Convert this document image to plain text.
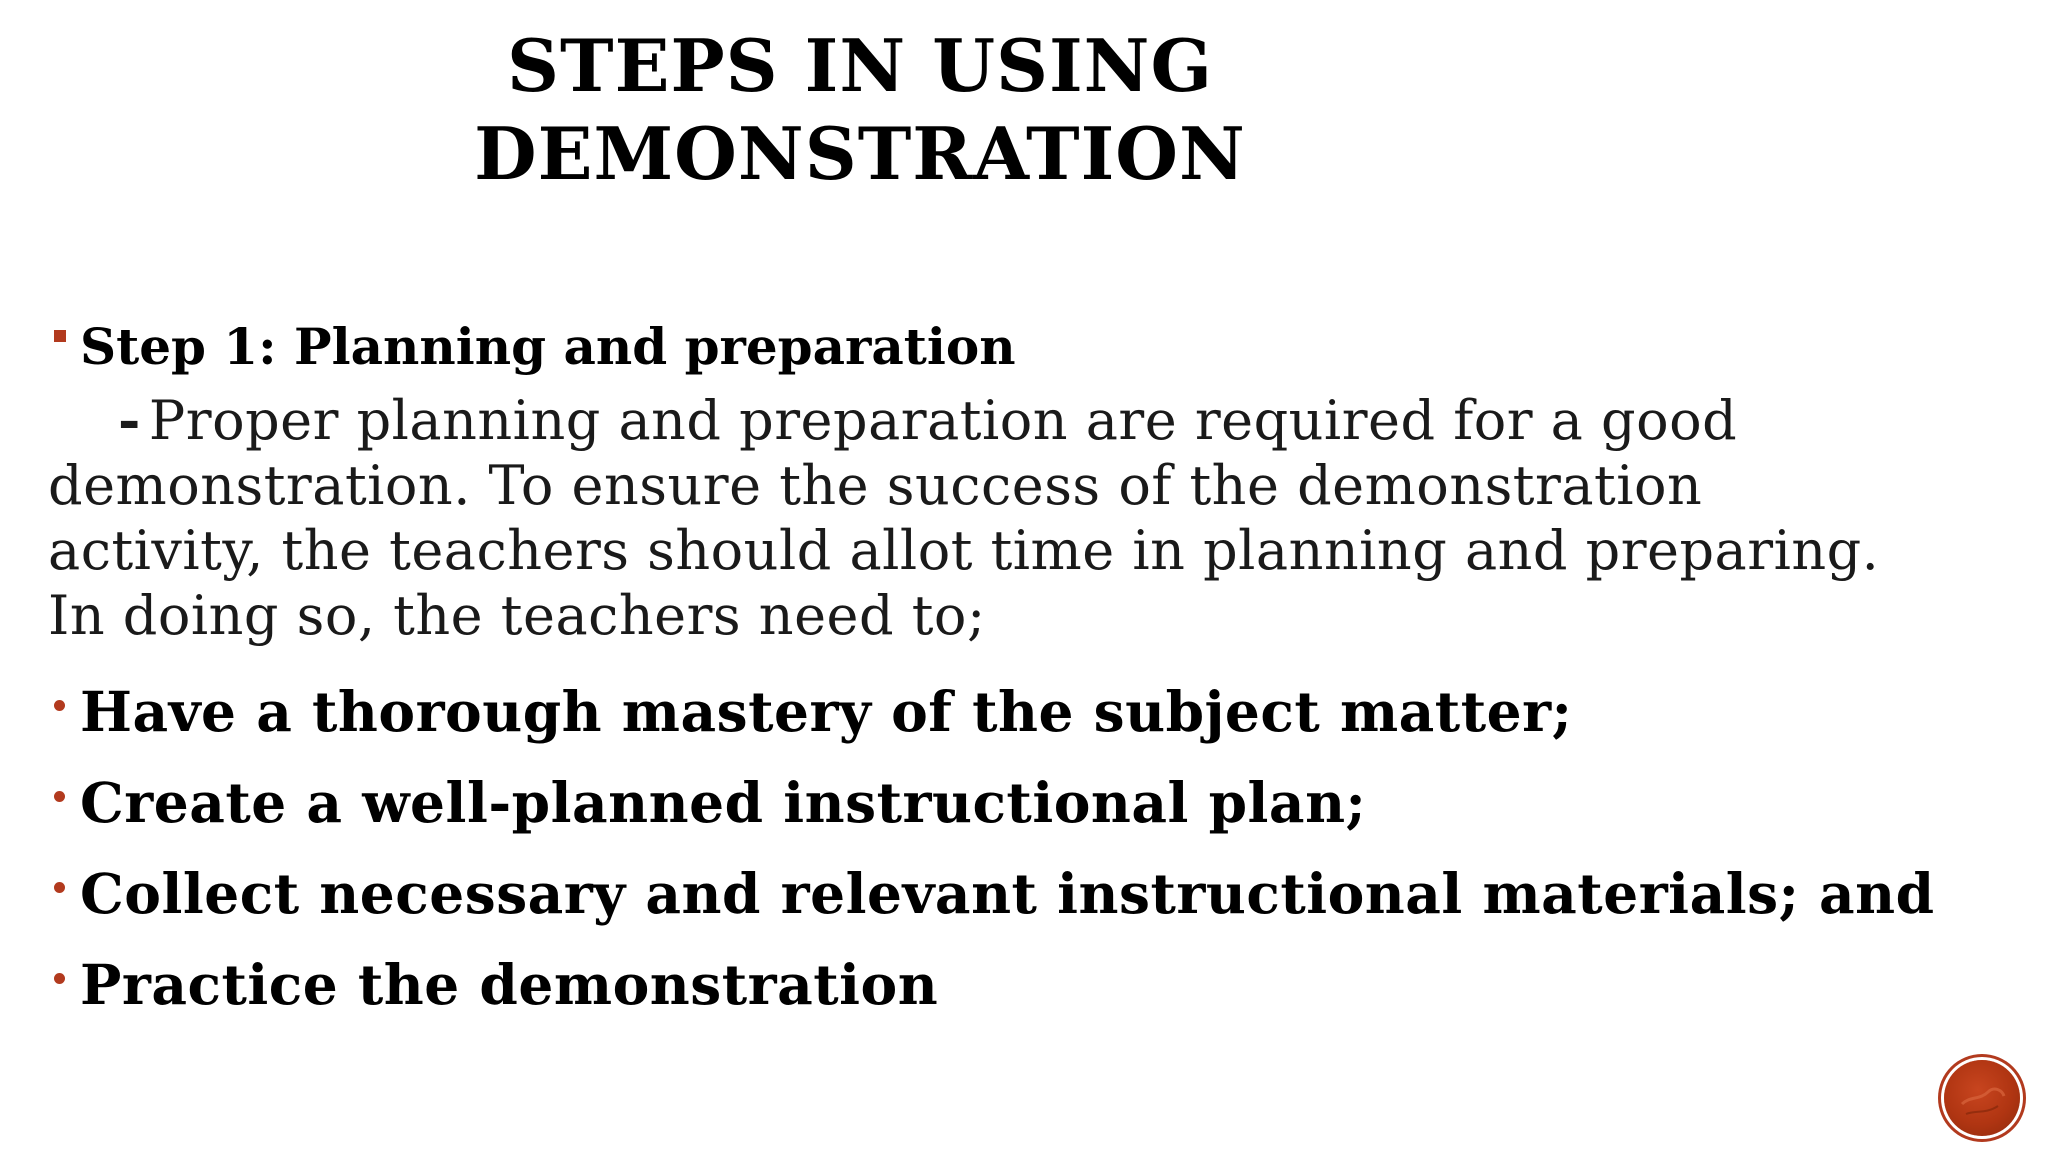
STEPS IN USING
DEMONSTRATION
Step 1: Planning and preparation
- Proper planning and preparation are required for a good
demonstration. To ensure the success of the demonstration
activity, the teachers should allot time in planning and preparing.
In doing so, the teachers need to;
Have a thorough mastery of the subject matter;
Create a well-planned instructional plan;
Collect necessary and relevant instructional materials; and
Practice the demonstration
